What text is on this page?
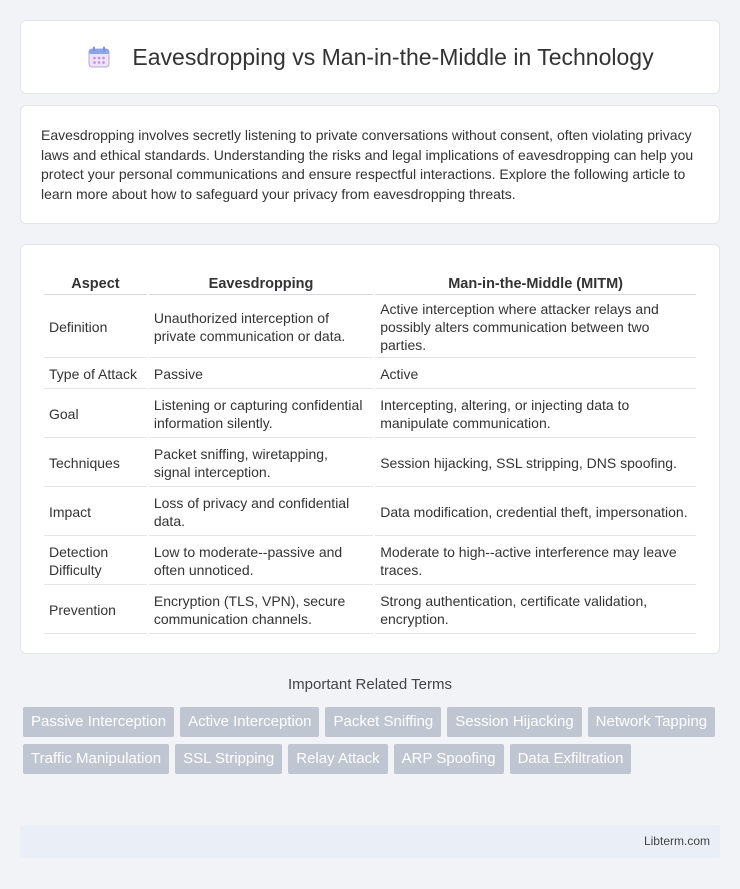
Eavesdropping vs Man-in-the-Middle in Technology

Eavesdropping involves secretly listening to private conversations without consent, often violating privacy laws and ethical standards. Understanding the risks and legal implications of eavesdropping can help you protect your personal communications and ensure respectful interactions. Explore the following article to learn more about how to safeguard your privacy from eavesdropping threats.

Aspect	Eavesdropping	Man-in-the-Middle (MITM)
Definition	Unauthorized interception of private communication or data.	Active interception where attacker relays and possibly alters communication between two parties.
Type of Attack	Passive	Active
Goal	Listening or capturing confidential information silently.	Intercepting, altering, or injecting data to manipulate communication.
Techniques	Packet sniffing, wiretapping, signal interception.	Session hijacking, SSL stripping, DNS spoofing.
Impact	Loss of privacy and confidential data.	Data modification, credential theft, impersonation.
Detection Difficulty	Low to moderate--passive and often unnoticed.	Moderate to high--active interference may leave traces.
Prevention	Encryption (TLS, VPN), secure communication channels.	Strong authentication, certificate validation, encryption.
Important Related Terms
Passive Interception	Active Interception	Packet Sniffing	Session Hijacking	Network Tapping
Traffic Manipulation	SSL Stripping	Relay Attack	ARP Spoofing	Data Exfiltration
Libterm.com
